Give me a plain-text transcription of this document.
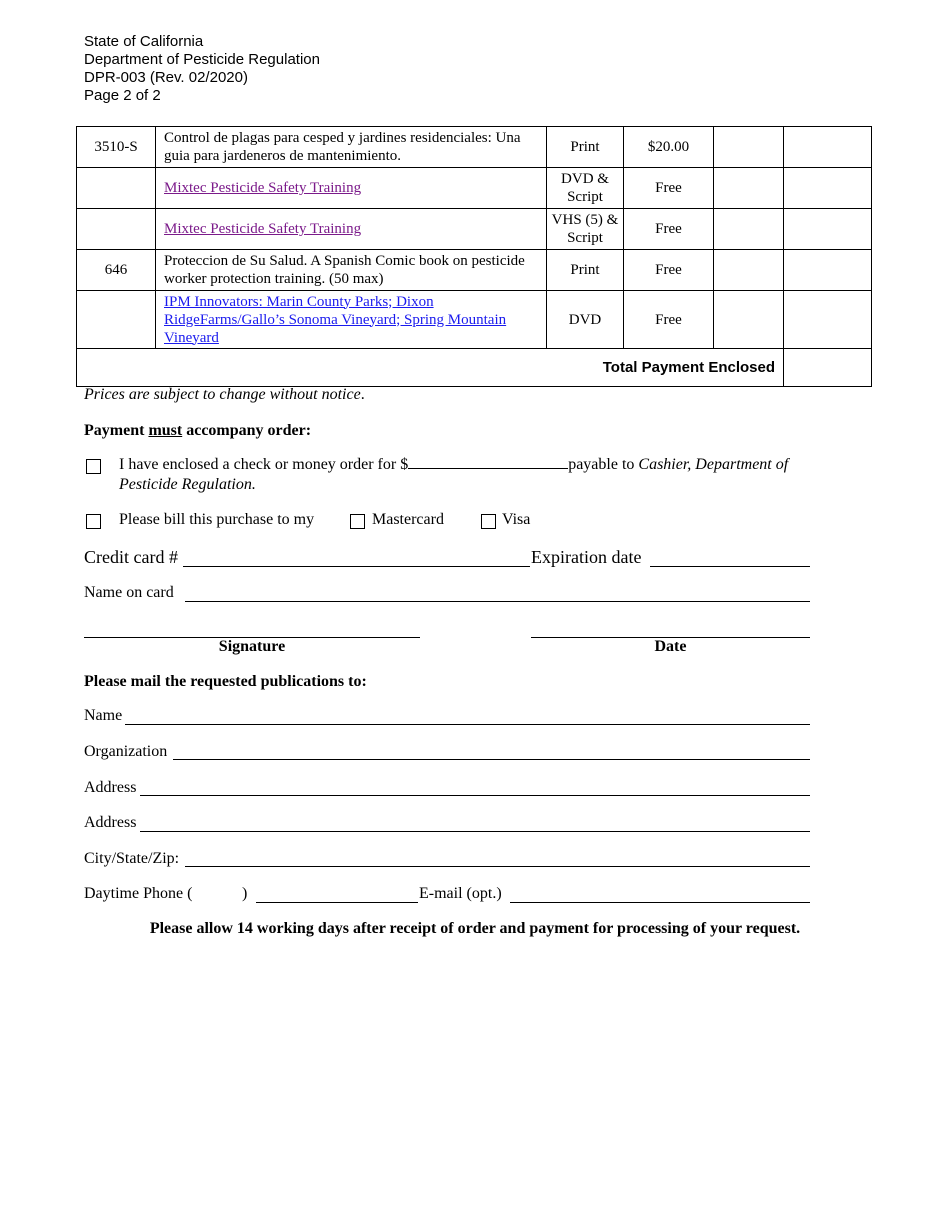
State of California
Department of Pesticide Regulation
DPR-003 (Rev. 02/2020)
Page 2 of 2
3510-S	Control de plagas para cesped y jardines residenciales: Una guia para jardeneros de mantenimiento.	Print	$20.00		
	Mixtec Pesticide Safety Training	DVD & Script	Free		
	Mixtec Pesticide Safety Training	VHS (5) & Script	Free		
646	Proteccion de Su Salud. A Spanish Comic book on pesticide worker protection training. (50 max)	Print	Free		
	IPM Innovators: Marin County Parks; Dixon RidgeFarms/Gallo’s Sonoma Vineyard; Spring Mountain Vineyard	DVD	Free		
Total Payment Enclosed					
Prices are subject to change without notice.
Payment must accompany order:
I have enclosed a check or money order for $	payable to Cashier, Department of
Pesticide Regulation.
Please bill this purchase to my	Mastercard	Visa
Credit card #	Expiration date
Name on card
Signature	Date
Please mail the requested publications to:
Name
Organization
Address
Address
City/State/Zip:
Daytime Phone (	)	E-mail (opt.)
Please allow 14 working days after receipt of order and payment for processing of your request.
